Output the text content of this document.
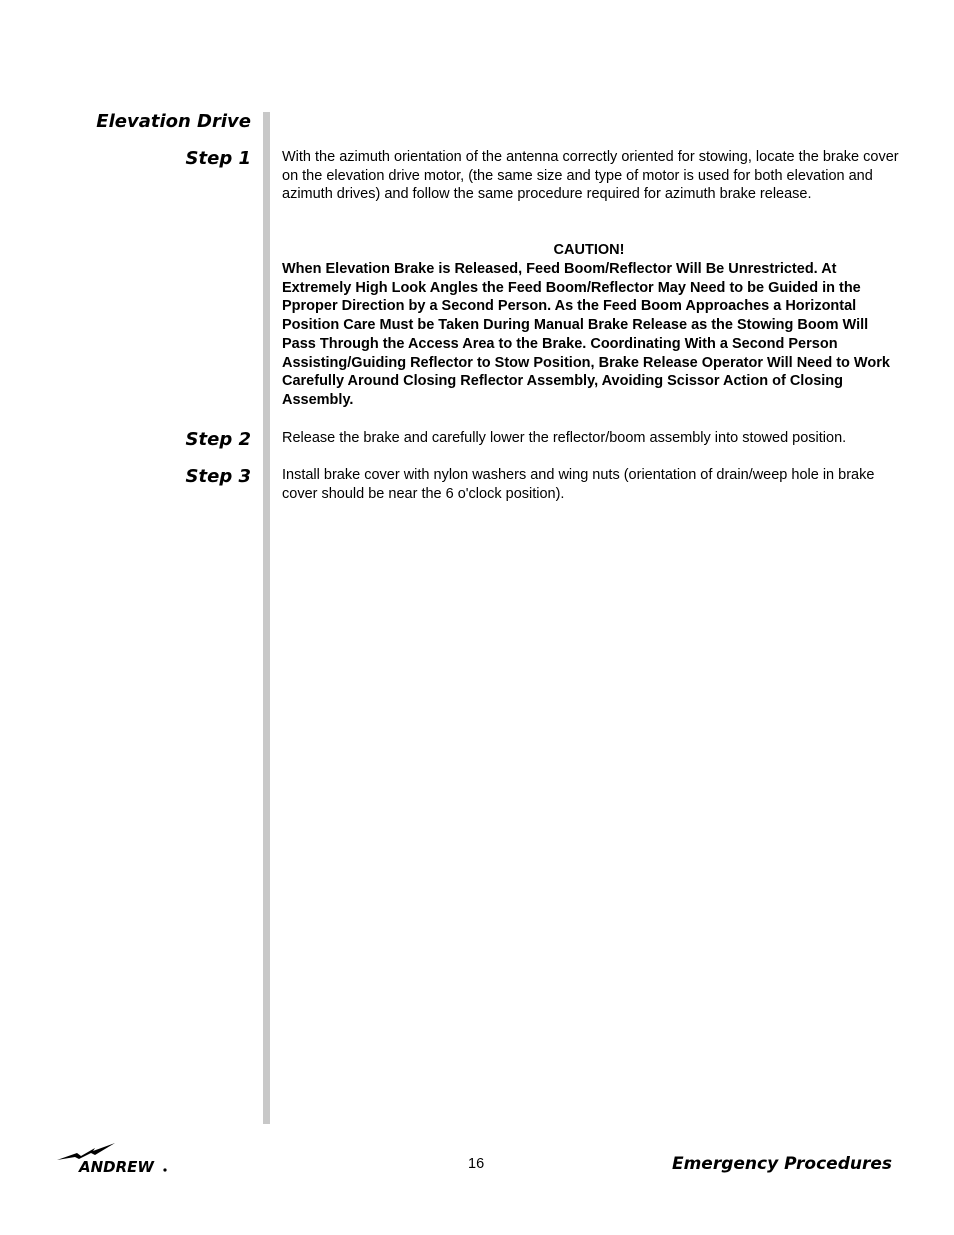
Elevation Drive
Step 1 With the azimuth orientation of the antenna correctly oriented for stowing, locate the brake cover on the elevation drive motor, (the same size and type of motor is used for both elevation and azimuth drives) and follow the same procedure required for azimuth brake release.

CAUTION!

When Elevation Brake is Released, Feed Boom/Reflector Will Be Unrestricted. At Extremely High Look Angles the Feed Boom/Reflector May Need to be Guided in the Pproper Direction by a Second Person. As the Feed Boom Approaches a Horizontal Position Care Must be Taken During Manual Brake Release as the Stowing Boom Will Pass Through the Access Area to the Brake. Coordinating With a Second Person Assisting/Guiding Reflector to Stow Position, Brake Release Operator Will Need to Work Carefully Around Closing Reflector Assembly, Avoiding Scissor Action of Closing Assembly.

Step 2 Release the brake and carefully lower the reflector/boom assembly into stowed position.

Step 3 Install brake cover with nylon washers and wing nuts (orientation of drain/weep hole in brake cover should be near the 6 o'clock position).

ANDREW	16	Emergency Procedures
